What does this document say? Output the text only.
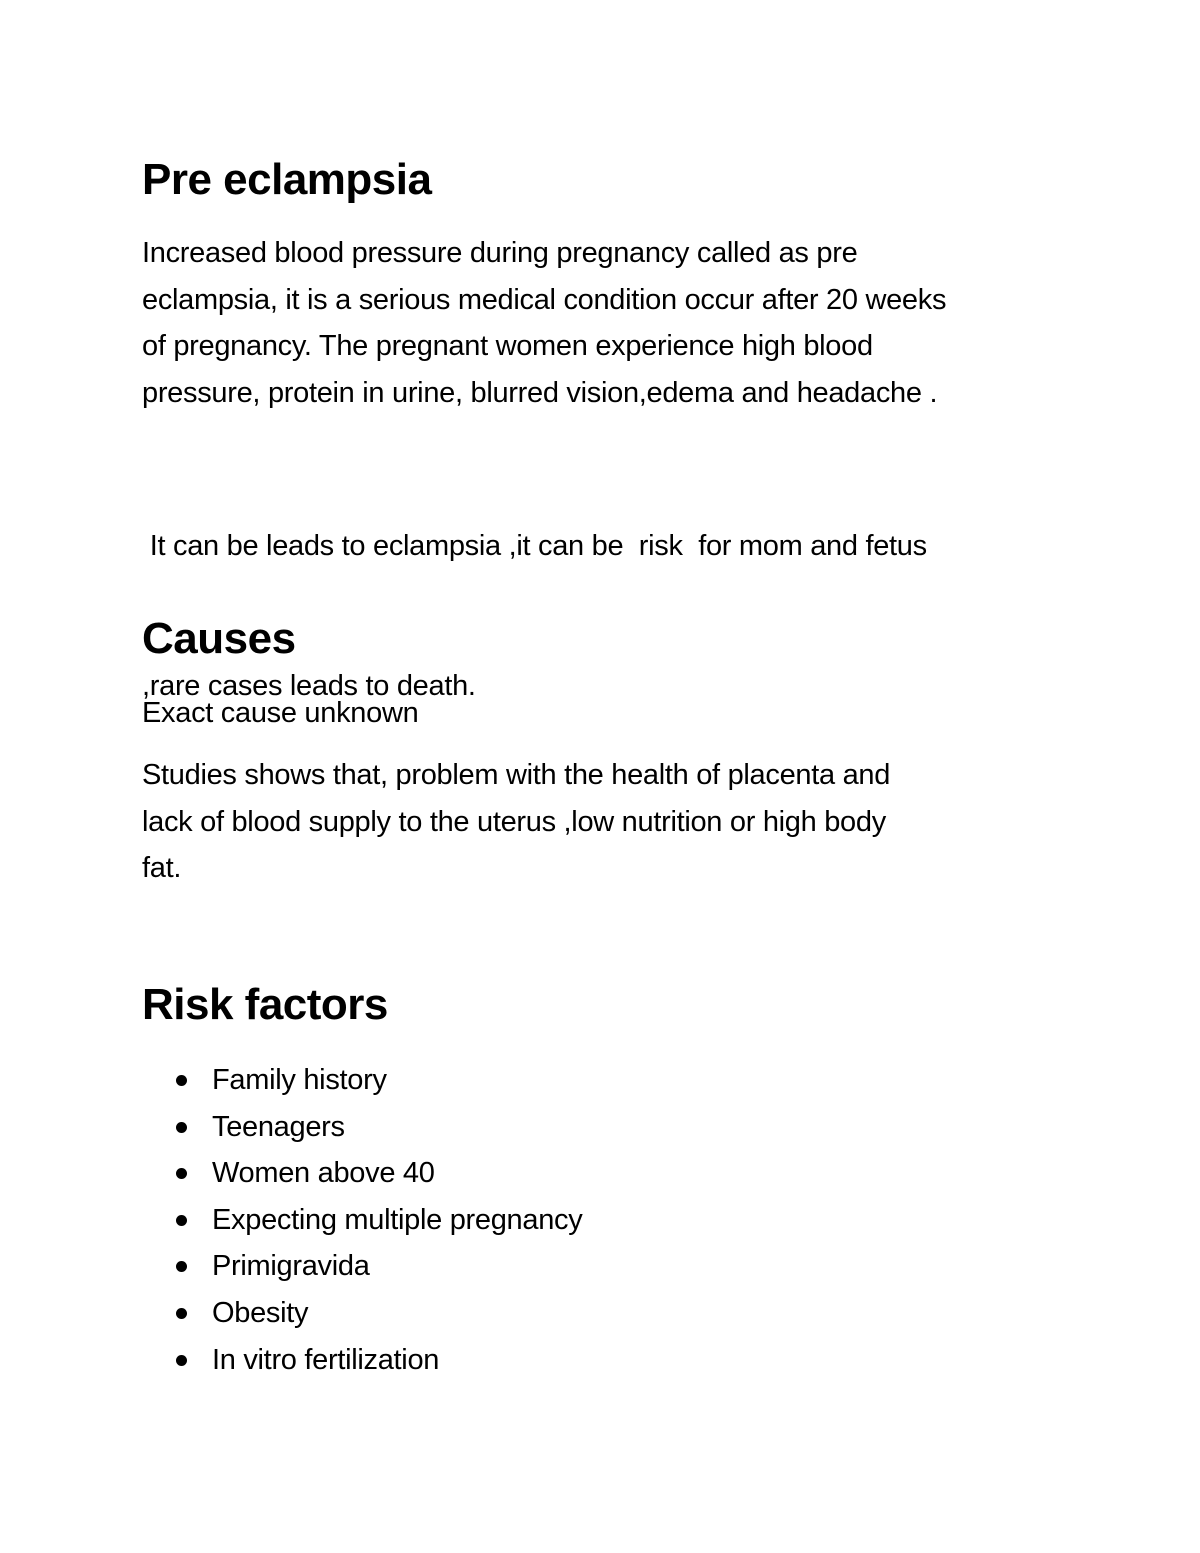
Pre eclampsia

Increased blood pressure during pregnancy called as pre
eclampsia, it is a serious medical condition occur after 20 weeks
of pregnancy. The pregnant women experience high blood
pressure, protein in urine, blurred vision,edema and headache .

It can be leads to eclampsia ,it can be  risk  for mom and fetus

,rare cases leads to death.

Causes

Exact cause unknown

Studies shows that, problem with the health of placenta and
lack of blood supply to the uterus ,low nutrition or high body
fat.

Risk factors
Family history
Teenagers
Women above 40
Expecting multiple pregnancy
Primigravida
Obesity
In vitro fertilization
